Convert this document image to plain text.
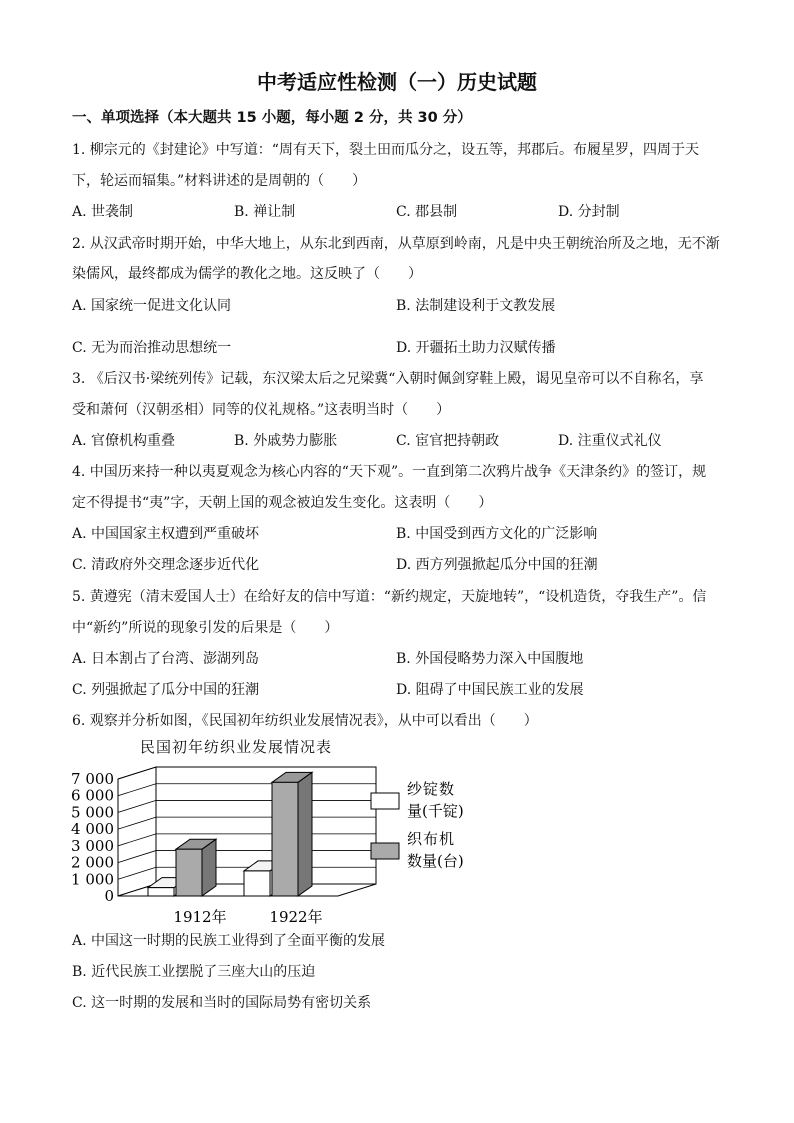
中考适应性检测（一）历史试题
一、单项选择（本大题共 15 小题，每小题 2 分，共 30 分）
1. 柳宗元的《封建论》中写道：“周有天下，裂土田而瓜分之，设五等，邦郡后。布履星罗，四周于天
下，轮运而辐集。”材料讲述的是周朝的（　　）
A. 世袭制	B. 禅让制	C. 郡县制	D. 分封制
2. 从汉武帝时期开始，中华大地上，从东北到西南，从草原到岭南，凡是中央王朝统治所及之地，无不渐
染儒风，最终都成为儒学的教化之地。这反映了（　　）
A. 国家统一促进文化认同	B. 法制建设利于文教发展
C. 无为而治推动思想统一	D. 开疆拓土助力汉赋传播
3. 《后汉书·梁统列传》记载，东汉梁太后之兄梁冀“入朝时佩剑穿鞋上殿，谒见皇帝可以不自称名，享
受和萧何（汉朝丞相）同等的仪礼规格。”这表明当时（　　）
A. 官僚机构重叠	B. 外戚势力膨胀	C. 宦官把持朝政	D. 注重仪式礼仪
4. 中国历来持一种以夷夏观念为核心内容的“天下观”。一直到第二次鸦片战争《天津条约》的签订，规
定不得提书“夷”字，天朝上国的观念被迫发生变化。这表明（　　）
A. 中国国家主权遭到严重破坏	B. 中国受到西方文化的广泛影响
C. 清政府外交理念逐步近代化	D. 西方列强掀起瓜分中国的狂潮
5. 黄遵宪（清末爱国人士）在给好友的信中写道：“新约规定，天旋地转”，“设机造货，夺我生产”。信
中“新约”所说的现象引发的后果是（　　）
A. 日本割占了台湾、澎湖列岛	B. 外国侵略势力深入中国腹地
C. 列强掀起了瓜分中国的狂潮	D. 阻碍了中国民族工业的发展
6. 观察并分析如图，《民国初年纺织业发展情况表》，从中可以看出（　　）
民国初年纺织业发展情况表
0
1 000
2 000
3 000
4 000
5 000
6 000
7 000
1912年	1922年
纱锭数
量(千锭)
织布机
数量(台)
A. 中国这一时期的民族工业得到了全面平衡的发展
B. 近代民族工业摆脱了三座大山的压迫
C. 这一时期的发展和当时的国际局势有密切关系
